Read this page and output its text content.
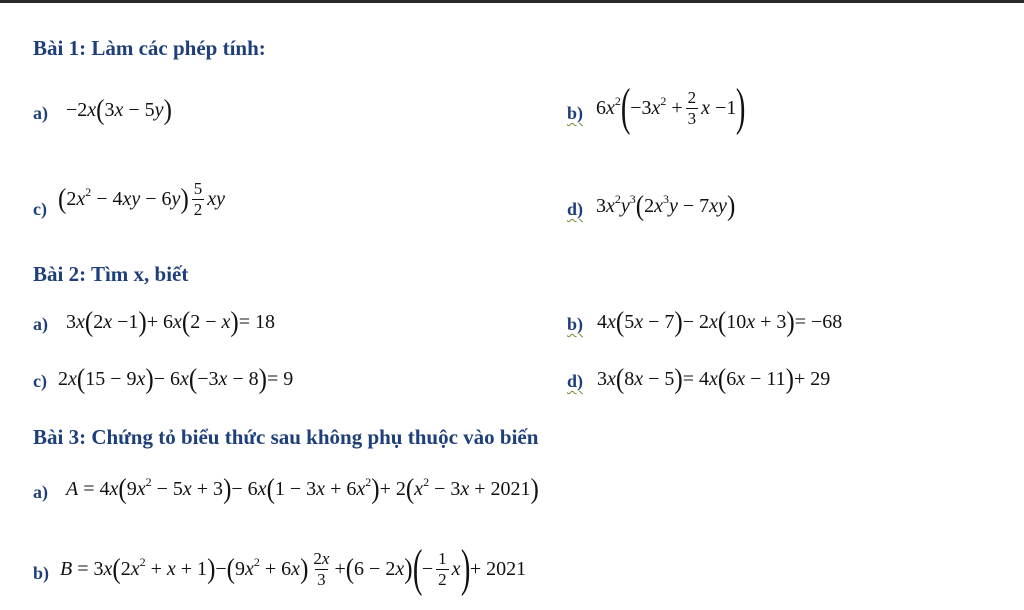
Bài 1: Làm các phép tính:
a) −2x ( 3x − 5y )	b) $6x^2$ ( $-3x^2 + \frac{2}{3}$ x −1 )
c) ( $2x^2 - 4xy - 6y$ ) $\frac{5}{2}$ xy	d) $3x^2y^3$ ( $2x^3y - 7xy$ )
Bài 2: Tìm x, biết
a) 3x ( 2x −1 ) + 6x ( 2 − x ) = 18	b) 4x ( 5x − 7 ) − 2x ( 10x + 3 ) = −68
c) 2x ( 15 − 9x ) − 6x ( −3x − 8 ) = 9	d) 3x ( 8x − 5 ) = 4x ( 6x − 11 ) + 29
Bài 3: Chứng tỏ biểu thức sau không phụ thuộc vào biến
a) A = 4x ( $9x^2 - 5x + 3$ ) − 6x ( $1 - 3x + 6x^2$ ) + 2 ( $x^2 - 3x + 2021$ )
b) B = 3x ( $2x^2 + x + 1$ ) − ( $9x^2 + 6x$ ) $\frac{2x}{3}$ + ( 6 − 2x ) ( − $\frac{1}{2}$ x ) + 2021
